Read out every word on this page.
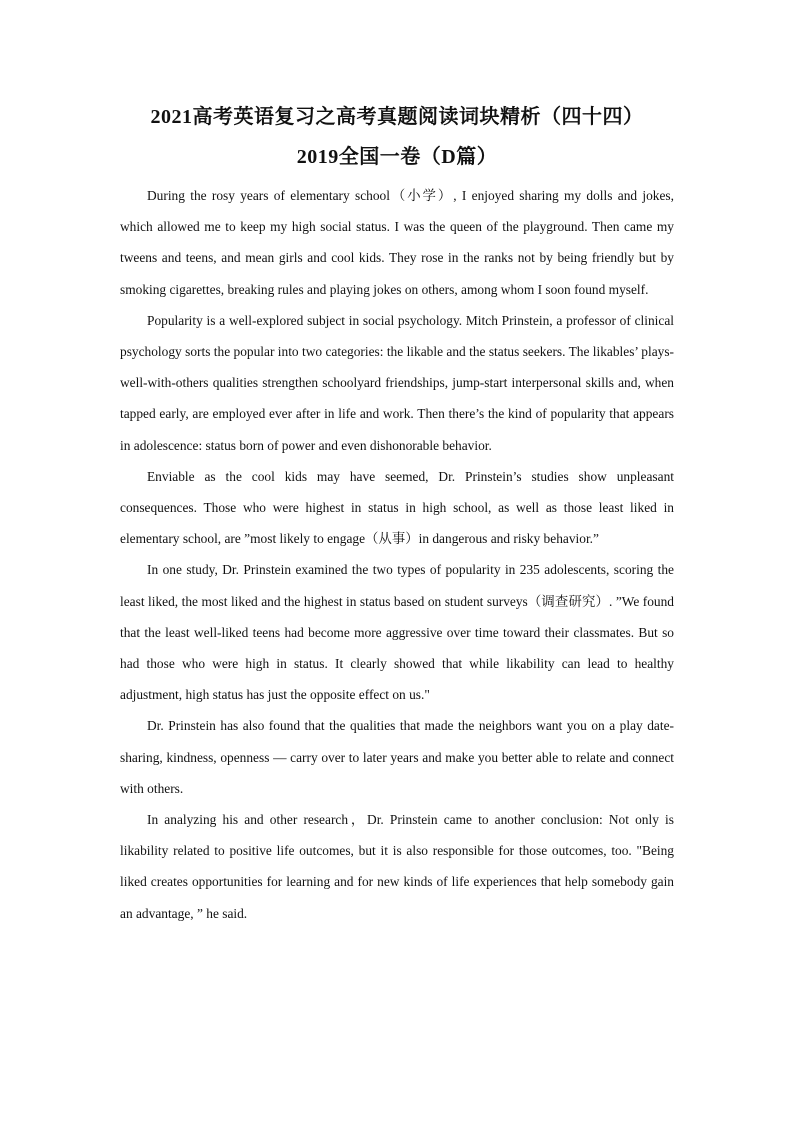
2021高考英语复习之高考真题阅读词块精析（四十四）
2019全国一卷（D篇）

During the rosy years of elementary school（小学）, I enjoyed sharing my dolls and jokes, which allowed me to keep my high social status. I was the queen of the playground. Then came my tweens and teens, and mean girls and cool kids. They rose in the ranks not by being friendly but by smoking cigarettes, breaking rules and playing jokes on others, among whom I soon found myself.

Popularity is a well-explored subject in social psychology. Mitch Prinstein, a professor of clinical psychology sorts the popular into two categories: the likable and the status seekers. The likables’ plays-well-with-others qualities strengthen schoolyard friendships, jump-start interpersonal skills and, when tapped early, are employed ever after in life and work. Then there’s the kind of popularity that appears in adolescence: status born of power and even dishonorable behavior.

Enviable as the cool kids may have seemed, Dr. Prinstein’s studies show unpleasant consequences. Those who were highest in status in high school, as well as those least liked in elementary school, are ”most likely to engage（从事）in dangerous and risky behavior.”

In one study, Dr. Prinstein examined the two types of popularity in 235 adolescents, scoring the least liked, the most liked and the highest in status based on student surveys（调查研究）. ”We found that the least well-liked teens had become more aggressive over time toward their classmates. But so had those who were high in status. It clearly showed that while likability can lead to healthy adjustment, high status has just the opposite effect on us."

Dr. Prinstein has also found that the qualities that made the neighbors want you on a play date-sharing, kindness, openness — carry over to later years and make you better able to relate and connect with others.

In analyzing his and other research，Dr. Prinstein came to another conclusion: Not only is likability related to positive life outcomes, but it is also responsible for those outcomes, too. "Being liked creates opportunities for learning and for new kinds of life experiences that help somebody gain an advantage, ” he said.
